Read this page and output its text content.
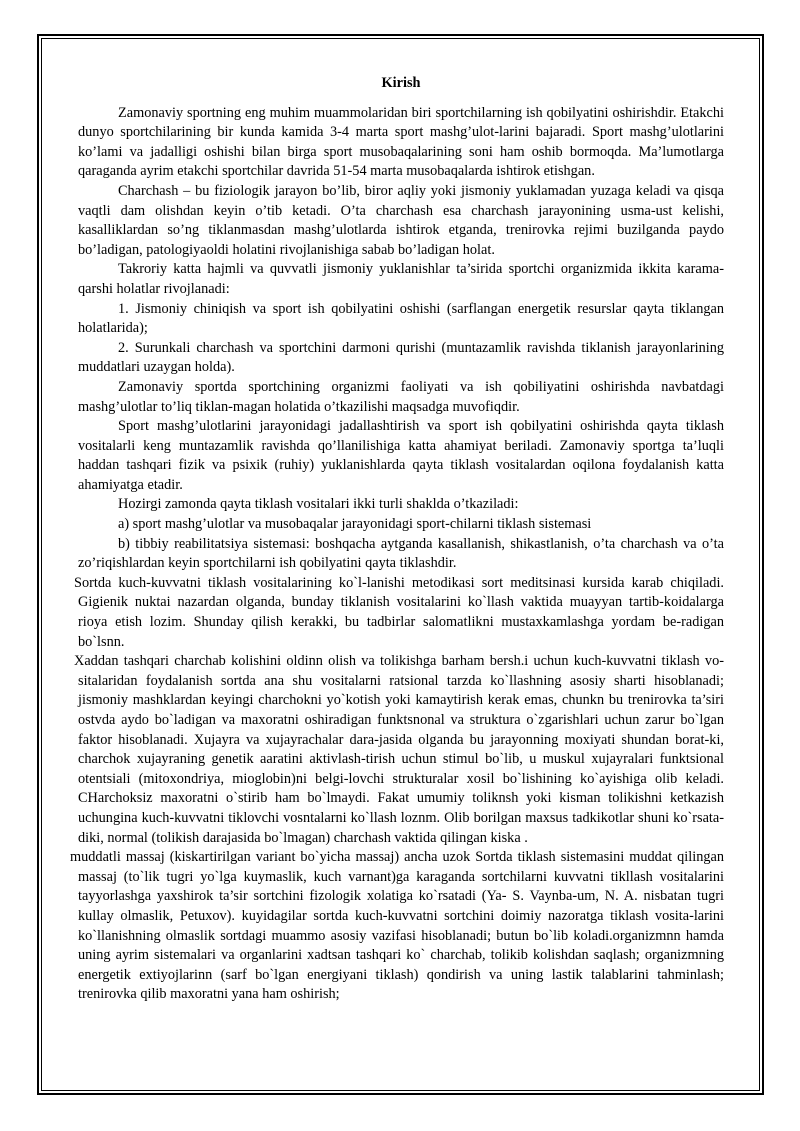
Kirish

Zamonaviy sportning eng muhim muammolaridan biri sportchilarning ish qobilyatini oshirishdir. Etakchi dunyo sportchilarining bir kunda kamida 3-4 marta sport mashg’ulot-larini bajaradi. Sport mashg’ulotlarini ko’lami va jadalligi oshishi bilan birga sport musobaqalarining soni ham oshib bormoqda. Ma’lumotlarga qaraganda ayrim etakchi sportchilar davrida 51-54 marta musobaqalarda ishtirok etishgan.

Charchash – bu fiziologik jarayon bo’lib, biror aqliy yoki jismoniy yuklamadan yuzaga keladi va qisqa vaqtli dam olishdan keyin o’tib ketadi. O’ta charchash esa charchash jarayonining usma-ust kelishi, kasalliklardan so’ng tiklanmasdan mashg’ulotlarda ishtirok etganda, trenirovka rejimi buzilganda paydo bo’ladigan, patologiyaoldi holatini rivojlanishiga sabab bo’ladigan holat.

Takroriy katta hajmli va quvvatli jismoniy yuklanishlar ta’sirida sportchi organizmida ikkita karama-qarshi holatlar rivojlanadi:

1. Jismoniy chiniqish va sport ish qobilyatini oshishi (sarflangan energetik resurslar qayta tiklangan holatlarida);

2. Surunkali charchash va sportchini darmoni qurishi (muntazamlik ravishda tiklanish jarayonlarining muddatlari uzaygan holda).

Zamonaviy sportda sportchining organizmi faoliyati va ish qobiliyatini oshirishda navbatdagi mashg’ulotlar to’liq tiklan-magan holatida o’tkazilishi maqsadga muvofiqdir.

Sport mashg’ulotlarini jarayonidagi jadallashtirish va sport ish qobilyatini oshirishda qayta tiklash vositalarli keng muntazamlik ravishda qo’llanilishiga katta ahamiyat beriladi. Zamonaviy sportga ta’luqli haddan tashqari fizik va psixik (ruhiy) yuklanishlarda qayta tiklash vositalardan oqilona foydalanish katta ahamiyatga etadir.

Hozirgi zamonda qayta tiklash vositalari ikki turli shaklda o’tkaziladi:

a) sport mashg’ulotlar va musobaqalar jarayonidagi sport-chilarni tiklash sistemasi

b) tibbiy reabilitatsiya sistemasi: boshqacha aytganda kasallanish, shikastlanish, o’ta charchash va o’ta zo’riqishlardan keyin sportchilarni ish qobilyatini qayta tiklashdir.

Sortda kuch-kuvvatni tiklash vositalarining ko`l-lanishi metodikasi sort meditsinasi kursida karab chiqiladi. Gigienik nuktai nazardan olganda, bunday tiklanish vositalarini ko`llash vaktida muayyan tartib-koidalarga rioya etish lozim. Shunday qilish kerakki, bu tadbirlar salomatlikni mustaxkamlashga yordam be-radigan bo`lsnn.

Xaddan tashqari charchab kolishini oldinn olish va tolikishga barham bersh.i uchun kuch-kuvvatni tiklash vo-sitalaridan foydalanish sortda ana shu vositalarni ratsional tarzda ko`llashning asosiy sharti hisoblanadi; jismoniy mashklardan keyingi charchokni yo`kotish yoki kamaytirish kerak emas, chunkn bu trenirovka ta’siri ostvda aydo bo`ladigan va maxoratni oshiradigan funktsnonal va struktura o`zgarishlari uchun zarur bo`lgan faktor hisoblanadi. Xujayra va xujayrachalar dara-jasida olganda bu jarayonning moxiyati shundan borat-ki, charchok xujayraning genetik aaratini aktivlash-tirish uchun stimul bo`lib, u muskul xujayralari funktsional otentsiali (mitoxondriya, mioglobin)ni belgi-lovchi strukturalar xosil bo`lishining ko`ayishiga olib keladi. CHarchoksiz maxoratni o`stirib ham bo`lmaydi. Fakat umumiy toliknsh yoki kisman tolikishni ketkazish uchungina kuch-kuvvatni tiklovchi vosntalarni ko`llash loznm. Olib borilgan maxsus tadkikotlar shuni ko`rsata-diki, normal (tolikish darajasida bo`lmagan) charchash vaktida qilingan kiska .

muddatli massaj (kiskartirilgan variant bo`yicha massaj) ancha uzok Sortda tiklash sistemasini muddat qilingan massaj (to`lik tugri yo`lga kuymaslik, kuch varnant)ga karaganda sortchilarni kuvvatni tikllash vositalarini tayyorlashga yaxshirok ta’sir sortchini fizologik xolatiga ko`rsatadi (Ya- S. Vaynba-um, N. A. nisbatan tugri kullay olmaslik, Petuxov). kuyidagilar sortda kuch-kuvvatni sortchini doimiy nazoratga tiklash vosita-larini ko`llanishning olmaslik sortdagi muammo asosiy vazifasi hisoblanadi; butun bo`lib koladi.organizmnn hamda uning ayrim sistemalari va organlarini xadtsan tashqari ko` charchab, tolikib kolishdan saqlash; organizmning energetik extiyojlarinn (sarf bo`lgan energiyani tiklash) qondirish va uning lastik talablarini tahminlash; trenirovka qilib maxoratni yana ham oshirish;
